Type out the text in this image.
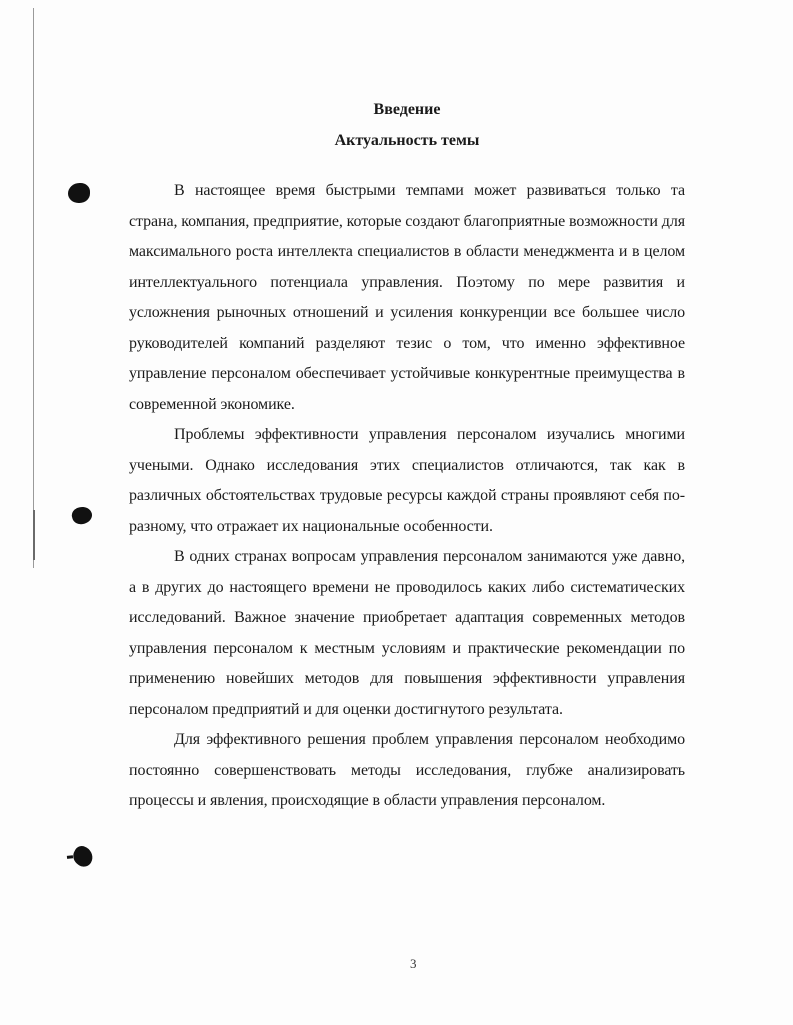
Введение
Актуальность темы

В настоящее время быстрыми темпами может развиваться только та страна, компания, предприятие, которые создают благоприятные возможности для максимального роста интеллекта специалистов в области менеджмента и в целом интеллектуального потенциала управления. Поэтому по мере развития и усложнения рыночных отношений и усиления конкуренции все большее число руководителей компаний разделяют тезис о том, что именно эффективное управление персоналом обеспечивает устойчивые конкурентные преимущества в современной экономике.

Проблемы эффективности управления персоналом изучались многими учеными. Однако исследования этих специалистов отличаются, так как в различных обстоятельствах трудовые ресурсы каждой страны проявляют себя по-разному, что отражает их национальные особенности.

В одних странах вопросам управления персоналом занимаются уже давно, а в других до настоящего времени не проводилось каких либо систематических исследований. Важное значение приобретает адаптация современных методов управления персоналом к местным условиям и практические рекомендации по применению новейших методов для повышения эффективности управления персоналом предприятий и для оценки достигнутого результата.

Для эффективного решения проблем управления персоналом необходимо постоянно совершенствовать методы исследования, глубже анализировать процессы и явления, происходящие в области управления персоналом.

3
